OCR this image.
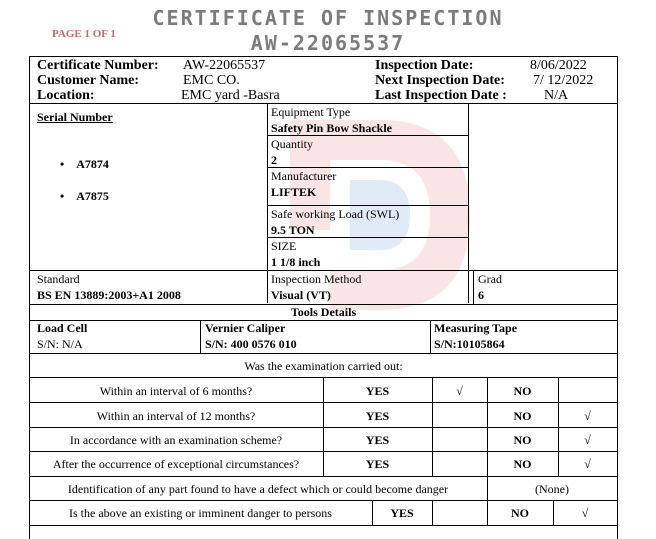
PAGE 1 OF 1
CERTIFICATE OF INSPECTION
AW-22065537
Certificate Number: AW-22065537
Customer Name:	EMC CO.
Location:	EMC yard -Basra
Inspection Date:	8/06/2022
Next Inspection Date: 7/ 12/2022
Last Inspection Date :	N/A
Serial Number
•    A7874
•    A7875
Equipment Type
Safety Pin Bow Shackle
Quantity
2
Manufacturer
LIFTEK
Safe working Load (SWL)
9.5 TON
SIZE
1 1/8 inch
Standard
BS EN 13889:2003+A1 2008
Inspection Method
Visual (VT)
Grad
6
Tools Details
Load Cell
S/N: N/A
Vernier Caliper
S/N: 400 0576 010
Measuring Tape
S/N:10105864
Was the examination carried out:
Within an interval of 6 months?	YES	√	NO
Within an interval of 12 months?	YES	NO	√
In accordance with an examination scheme?	YES	NO	√
After the occurrence of exceptional circumstances?	YES	NO	√
Identification of any part found to have a defect which or could become danger	(None)
Is the above an existing or imminent danger to persons	YES	NO	√
